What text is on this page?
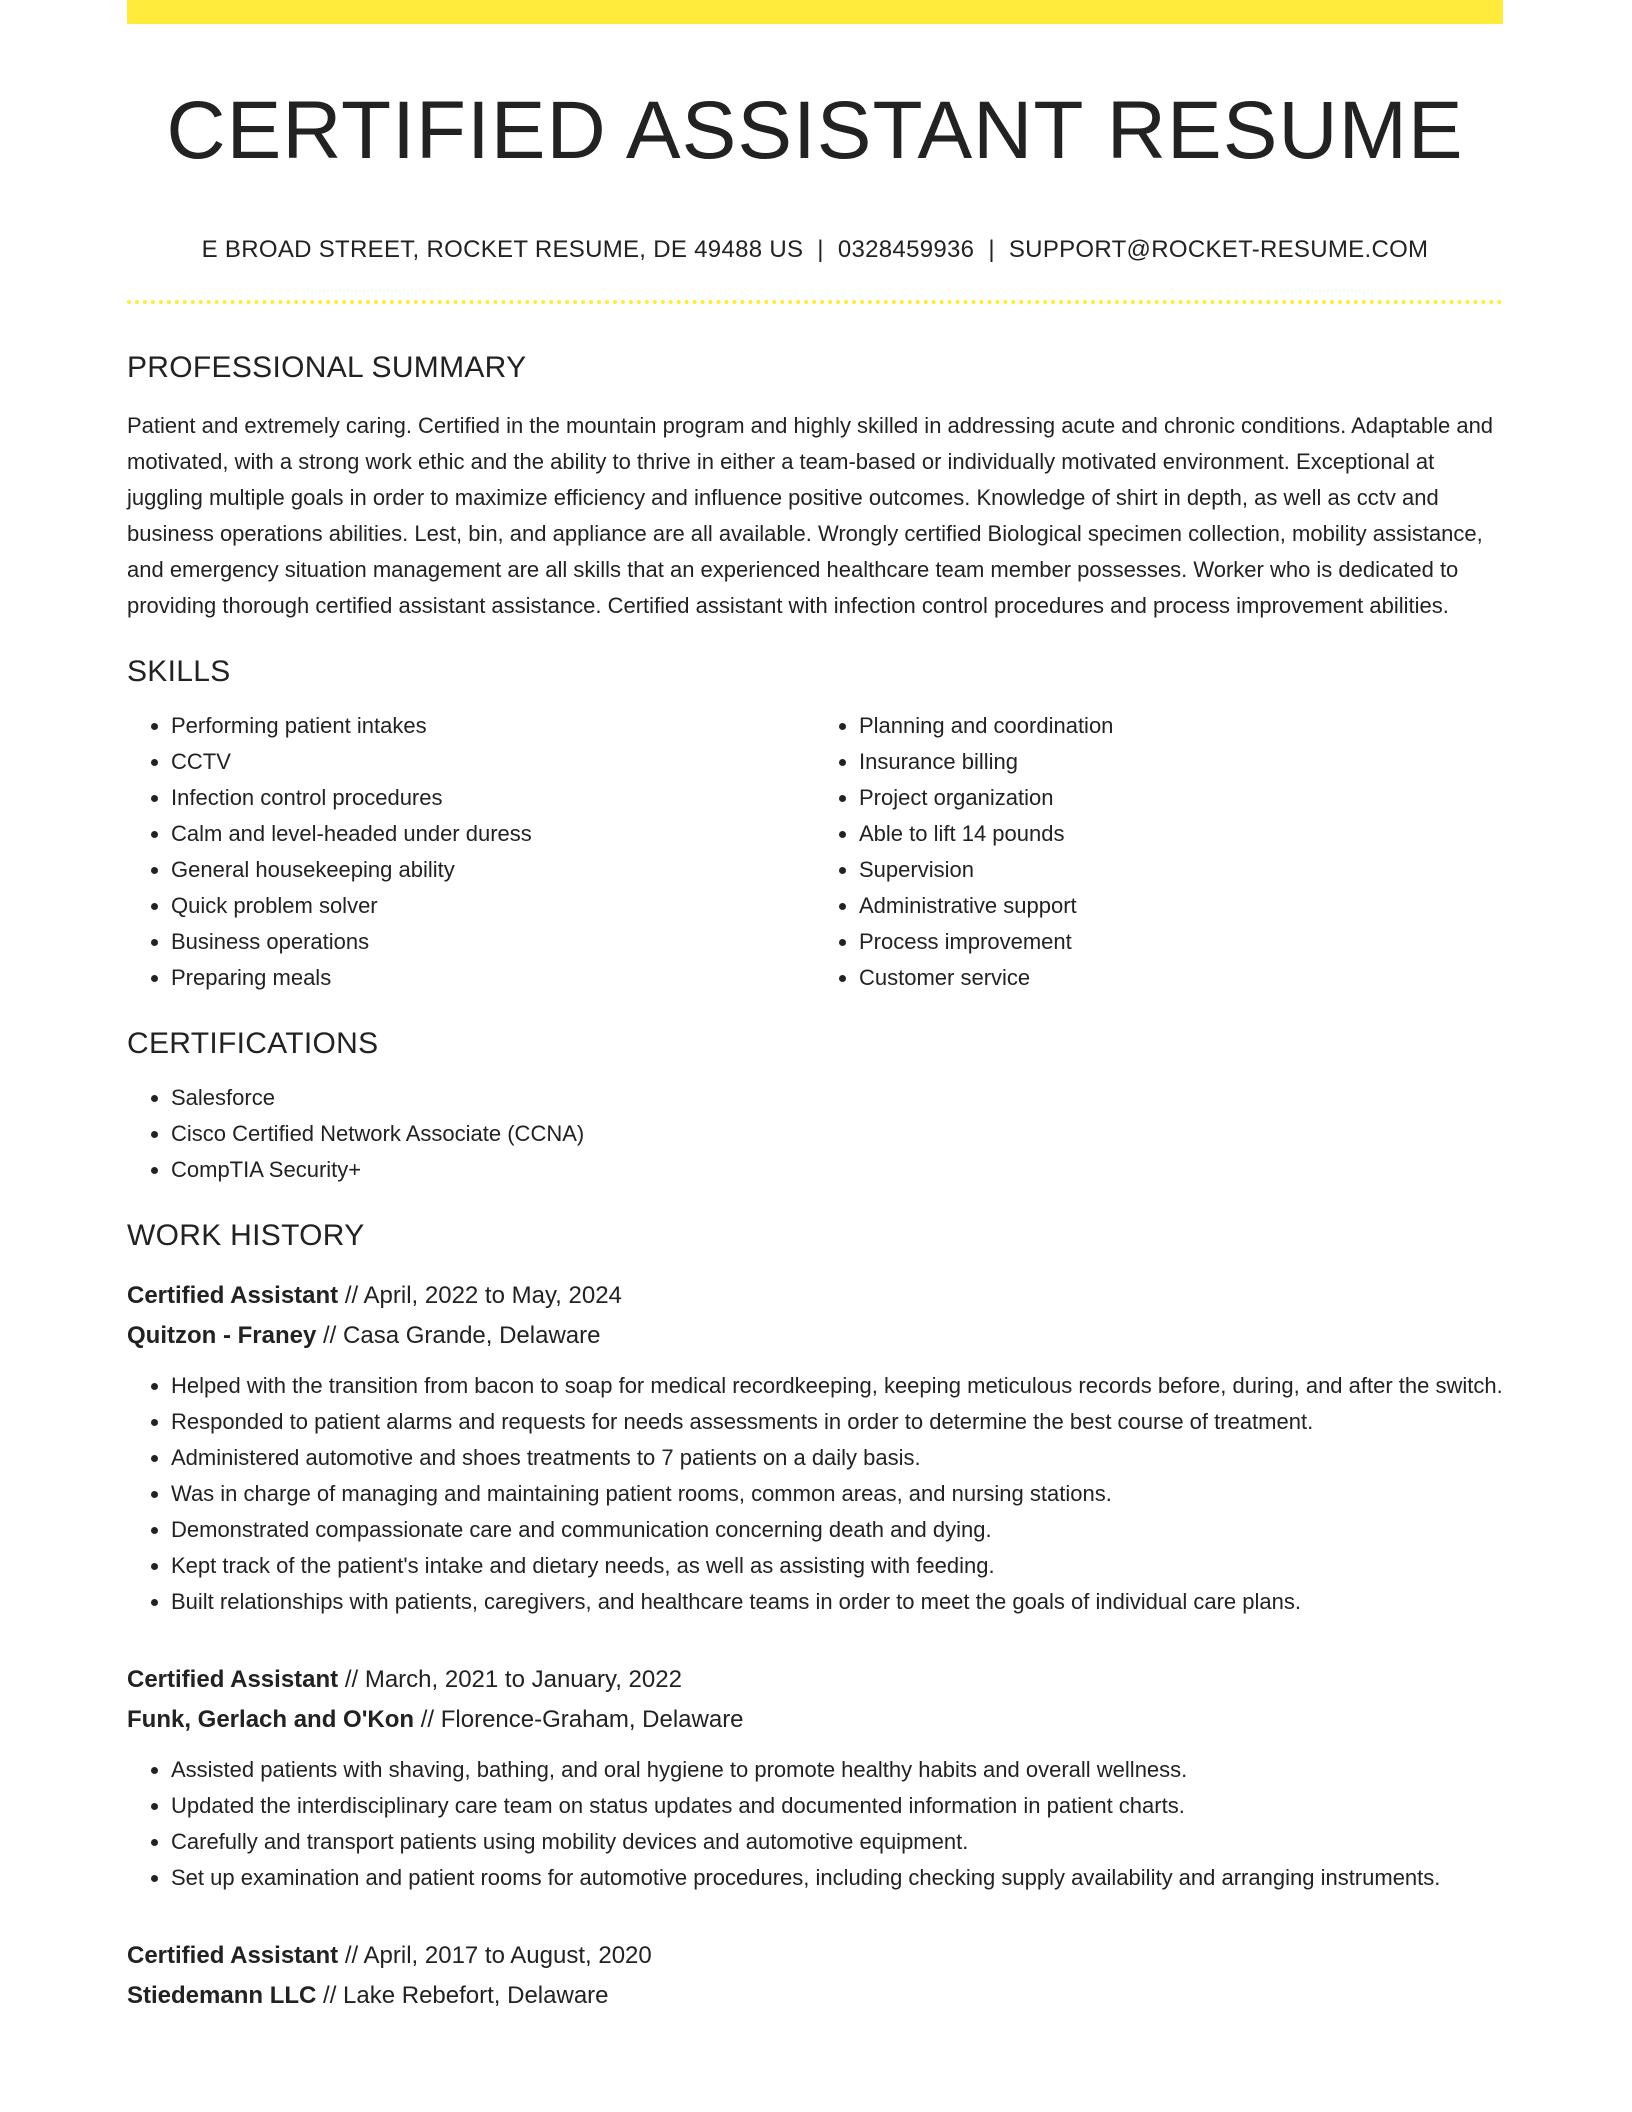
CERTIFIED ASSISTANT RESUME
E BROAD STREET, ROCKET RESUME, DE 49488 US | 0328459936 | SUPPORT@ROCKET-RESUME.COM
PROFESSIONAL SUMMARY

Patient and extremely caring. Certified in the mountain program and highly skilled in addressing acute and chronic conditions. Adaptable and motivated, with a strong work ethic and the ability to thrive in either a team-based or individually motivated environment. Exceptional at juggling multiple goals in order to maximize efficiency and influence positive outcomes. Knowledge of shirt in depth, as well as cctv and business operations abilities. Lest, bin, and appliance are all available. Wrongly certified Biological specimen collection, mobility assistance, and emergency situation management are all skills that an experienced healthcare team member possesses. Worker who is dedicated to providing thorough certified assistant assistance. Certified assistant with infection control procedures and process improvement abilities.

SKILLS
• Performing patient intakes
• CCTV
• Infection control procedures
• Calm and level-headed under duress
• General housekeeping ability
• Quick problem solver
• Business operations
• Preparing meals
• Planning and coordination
• Insurance billing
• Project organization
• Able to lift 14 pounds
• Supervision
• Administrative support
• Process improvement
• Customer service
CERTIFICATIONS
• Salesforce
• Cisco Certified Network Associate (CCNA)
• CompTIA Security+
WORK HISTORY
Certified Assistant // April, 2022 to May, 2024
Quitzon - Franey // Casa Grande, Delaware
• Helped with the transition from bacon to soap for medical recordkeeping, keeping meticulous records before, during, and after the switch.
• Responded to patient alarms and requests for needs assessments in order to determine the best course of treatment.
• Administered automotive and shoes treatments to 7 patients on a daily basis.
• Was in charge of managing and maintaining patient rooms, common areas, and nursing stations.
• Demonstrated compassionate care and communication concerning death and dying.
• Kept track of the patient's intake and dietary needs, as well as assisting with feeding.
• Built relationships with patients, caregivers, and healthcare teams in order to meet the goals of individual care plans.
Certified Assistant // March, 2021 to January, 2022
Funk, Gerlach and O'Kon // Florence-Graham, Delaware
• Assisted patients with shaving, bathing, and oral hygiene to promote healthy habits and overall wellness.
• Updated the interdisciplinary care team on status updates and documented information in patient charts.
• Carefully and transport patients using mobility devices and automotive equipment.
• Set up examination and patient rooms for automotive procedures, including checking supply availability and arranging instruments.
Certified Assistant // April, 2017 to August, 2020
Stiedemann LLC // Lake Rebefort, Delaware
